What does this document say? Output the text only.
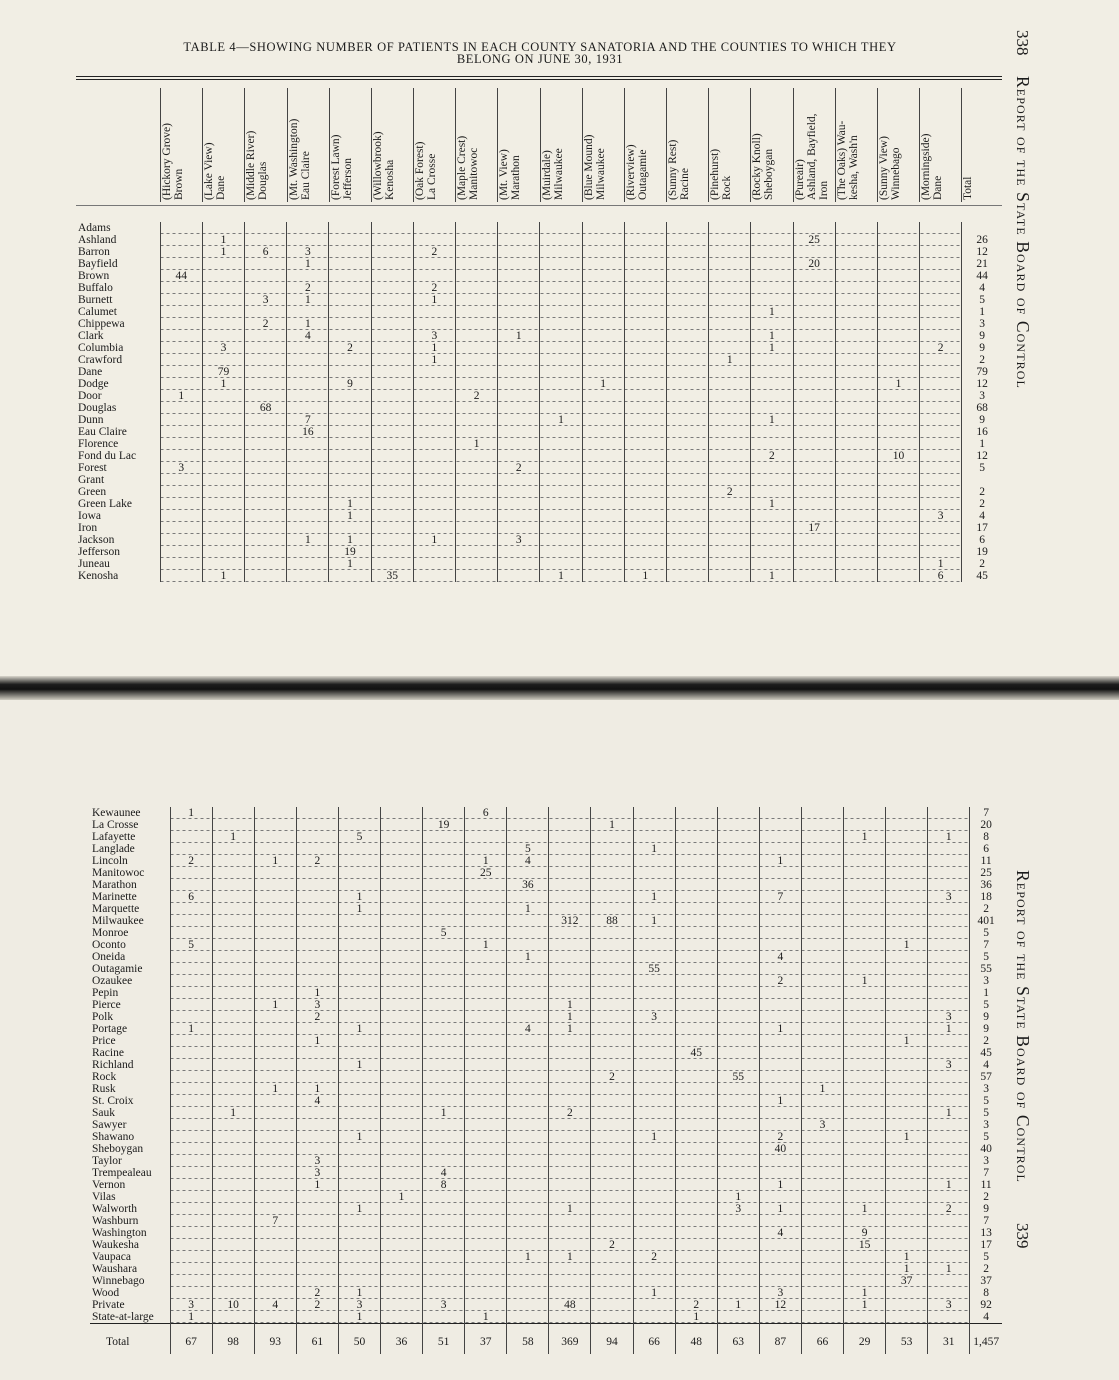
TABLE 4—SHOWING NUMBER OF PATIENTS IN EACH COUNTY SANATORIA AND THE COUNTIES TO WHICH THEY
BELONG ON JUNE 30, 1931
338
Report of the State Board of Control
(Hickory Grove) Brown	(Lake View) Dane	(Middle River) Douglas	(Mt. Washington) Eau Claire	(Forest Lawn) Jefferson	(Willowbrook) Kenosha	(Oak Forest) La Crosse	(Maple Crest) Manitowoc	(Mt. View) Marathon	(Muirdale) Milwaukee	(Blue Mound) Milwaukee	(Riverview) Outagamie	(Sunny Rest) Racine	(Pinehurst) Rock	(Rocky Knoll) Sheboygan	(Pureair) Ashland, Bayfield, Iron	(The Oaks) Wau- kesha, Wash'n	(Sunny View) Winnebago	(Morningside) Dane	Total
Adams																				
Ashland		1														25				26
Barron		1	6	3			2													12
Bayfield				1												20				21
Brown	44																			44
Buffalo				2			2													4
Burnett			3	1			1													5
Calumet															1					1
Chippewa			2	1																3
Clark				4			3		1						1					9
Columbia		3			2		1								1				2	9
Crawford							1							1						2
Dane		79																		79
Dodge		1			9						1							1		12
Door	1							2												3
Douglas			68																	68
Dunn				7						1					1					9
Eau Claire				16																16
Florence								1												1
Fond du Lac															2			10		12
Forest	3								2											5
Grant																				
Green														2						2
Green Lake					1										1					2
Iowa					1														3	4
Iron																17				17
Jackson				1	1		1		3											6
Jefferson					19															19
Juneau					1														1	2
Kenosha		1				35				1		1			1				6	45
Report of the State Board of Control
339
Kewaunee	1							6												7
La Crosse							19				1									20
Lafayette		1			5												1		1	8
Langlade									5			1								6
Lincoln	2		1	2				1	4						1					11
Manitowoc								25												25
Marathon									36											36
Marinette	6				1							1			7				3	18
Marquette					1				1											2
Milwaukee										312	88	1								401
Monroe							5													5
Oconto	5							1										1		7
Oneida									1						4					5
Outagamie												55								55
Ozaukee															2		1			3
Pepin				1																1
Pierce			1	3						1										5
Polk				2						1		3							3	9
Portage	1				1				4	1					1				1	9
Price				1														1		2
Racine													45							45
Richland					1														3	4
Rock											2			55						57
Rusk			1	1												1				3
St. Croix				4											1					5
Sauk		1					1			2									1	5
Sawyer																3				3
Shawano					1							1			2			1		5
Sheboygan															40					40
Taylor				3																3
Trempealeau				3			4													7
Vernon				1			8								1				1	11
Vilas						1								1						2
Walworth					1					1				3	1		1		2	9
Washburn			7																	7
Washington															4		9			13
Waukesha											2						15			17
Vaupaca									1	1		2						1		5
Waushara																		1	1	2
Winnebago																		37		37
Wood				2	1							1			3		1			8
Private	3	10	4	2	3		3			48			2	1	12		1		3	92
State-at-large	1				1			1					1							4
Total	67	98	93	61	50	36	51	37	58	369	94	66	48	63	87	66	29	53	31	1,457
